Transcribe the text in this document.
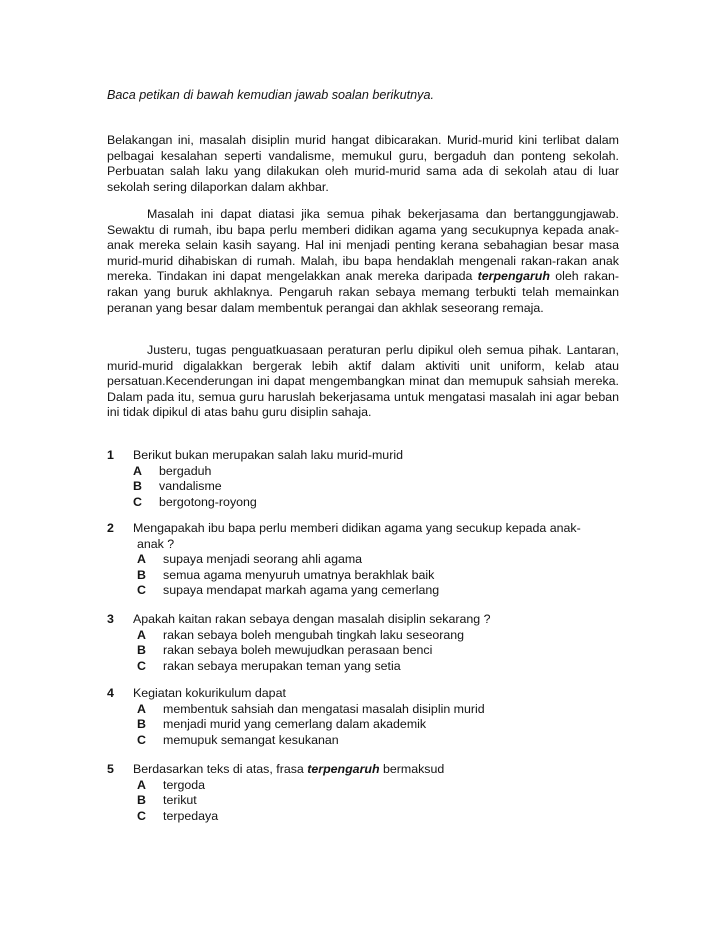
Baca petikan di bawah kemudian jawab soalan berikutnya.

Belakangan ini, masalah disiplin murid hangat dibicarakan. Murid-murid kini terlibat dalam pelbagai kesalahan seperti vandalisme, memukul guru, bergaduh dan ponteng sekolah. Perbuatan salah laku yang dilakukan oleh murid-murid sama ada di sekolah atau di luar sekolah sering dilaporkan dalam akhbar.

Masalah ini dapat diatasi jika semua pihak bekerjasama dan bertanggungjawab. Sewaktu di rumah, ibu bapa perlu memberi didikan agama yang secukupnya kepada anak-anak mereka selain kasih sayang. Hal ini menjadi penting kerana sebahagian besar masa murid-murid dihabiskan di rumah. Malah, ibu bapa hendaklah mengenali rakan-rakan anak mereka. Tindakan ini dapat mengelakkan anak mereka daripada terpengaruh oleh rakan-rakan yang buruk akhlaknya. Pengaruh rakan sebaya memang terbukti telah memainkan peranan yang besar dalam membentuk perangai dan akhlak seseorang remaja.

Justeru, tugas penguatkuasaan peraturan perlu dipikul oleh semua pihak. Lantaran, murid-murid digalakkan bergerak lebih aktif dalam aktiviti unit uniform, kelab atau persatuan.Kecenderungan ini dapat mengembangkan minat dan memupuk sahsiah mereka. Dalam pada itu, semua guru haruslah bekerjasama untuk mengatasi masalah ini agar beban ini tidak dipikul di atas bahu guru disiplin sahaja.

1 Berikut bukan merupakan salah laku murid-murid
A bergaduh
B vandalisme
C bergotong-royong
2 Mengapakah ibu bapa perlu memberi didikan agama yang secukup kepada anak-
anak ?
A supaya menjadi seorang ahli agama
B semua agama menyuruh umatnya berakhlak baik
C supaya mendapat markah agama yang cemerlang
3 Apakah kaitan rakan sebaya dengan masalah disiplin sekarang ?
A rakan sebaya boleh mengubah tingkah laku seseorang
B rakan sebaya boleh mewujudkan perasaan benci
C rakan sebaya merupakan teman yang setia
4 Kegiatan kokurikulum dapat
A membentuk sahsiah dan mengatasi masalah disiplin murid
B menjadi murid yang cemerlang dalam akademik
C memupuk semangat kesukanan
5 Berdasarkan teks di atas, frasa terpengaruh bermaksud
A tergoda
B terikut
C terpedaya
